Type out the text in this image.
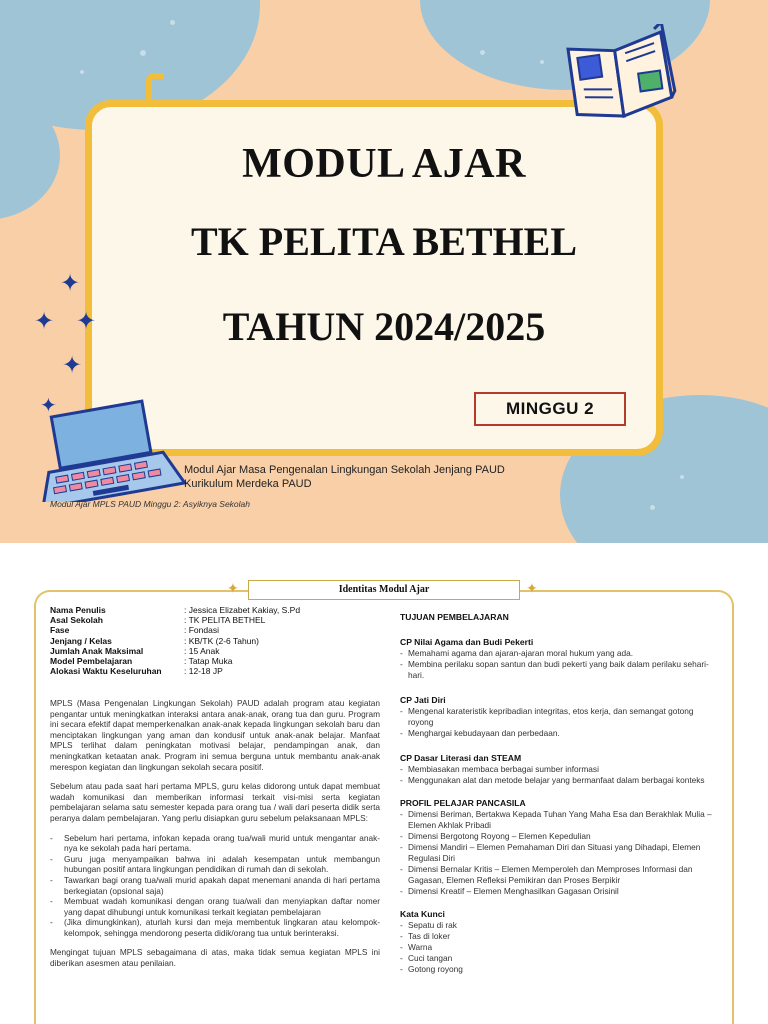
✦
✦ ✦
✦
✦
MODUL AJAR
TK PELITA BETHEL
TAHUN 2024/2025
MINGGU 2
Modul Ajar Masa Pengenalan Lingkungan Sekolah Jenjang PAUD
Kurikulum Merdeka PAUD
Modul Ajar MPLS PAUD Minggu 2: Asyiknya Sekolah
✦	Identitas Modul Ajar	✦
Nama Penulis	: Jessica Elizabet Kakiay, S.Pd
Asal Sekolah	: TK PELITA BETHEL
Fase	: Fondasi
Jenjang / Kelas	: KB/TK (2-6 Tahun)
Jumlah Anak Maksimal	: 15 Anak
Model Pembelajaran	: Tatap Muka
Alokasi Waktu Keseluruhan	: 12-18 JP

MPLS (Masa Pengenalan Lingkungan Sekolah) PAUD adalah program atau kegiatan pengantar untuk meningkatkan interaksi antara anak-anak, orang tua dan guru. Program ini secara efektif dapat memperkenalkan anak-anak kepada lingkungan sekolah baru dan menciptakan lingkungan yang aman dan kondusif untuk anak-anak belajar. Manfaat MPLS terlihat dalam peningkatan motivasi belajar, pendampingan anak, dan meningkatkan ketaatan anak. Program ini semua berguna untuk membantu anak-anak merespon kegiatan dan lingkungan sekolah secara positif.

Sebelum atau pada saat hari pertama MPLS, guru kelas didorong untuk dapat membuat wadah komunikasi dan memberikan informasi terkait visi-misi serta kegiatan pembelajaran selama satu semester kepada para orang tua / wali dari peserta didik serta peranya dalam pembelajaran. Yang perlu disiapkan guru sebelum pelaksanaan MPLS:

- Sebelum hari pertama, infokan kepada orang tua/wali murid untuk mengantar anak-nya ke sekolah pada hari pertama.
- Guru juga menyampaikan bahwa ini adalah kesempatan untuk membangun hubungan positif antara lingkungan pendidikan di rumah dan di sekolah.
- Tawarkan bagi orang tua/wali murid apakah dapat menemani ananda di hari pertama berkegiatan (opsional saja)
- Membuat wadah komunikasi dengan orang tua/wali dan menyiapkan daftar nomer yang dapat dihubungi untuk komunikasi terkait kegiatan pembelajaran
- (Jika dimungkinkan), aturlah kursi dan meja membentuk lingkaran atau kelompok-kelompok, sehingga mendorong peserta didik/orang tua untuk berinteraksi.

Mengingat tujuan MPLS sebagaimana di atas, maka tidak semua kegiatan MPLS ini diberikan asesmen atau penilaian.

TUJUAN PEMBELAJARAN
CP Nilai Agama dan Budi Pekerti
- Memahami agama dan ajaran-ajaran moral hukum yang ada.
- Membina perilaku sopan santun dan budi pekerti yang baik dalam perilaku sehari-hari.
CP Jati Diri
- Mengenal karateristik kepribadian integritas, etos kerja, dan semangat gotong royong
- Menghargai kebudayaan dan perbedaan.
CP Dasar Literasi dan STEAM
- Membiasakan membaca berbagai sumber informasi
- Menggunakan alat dan metode belajar yang bermanfaat dalam berbagai konteks
PROFIL PELAJAR PANCASILA
- Dimensi Beriman, Bertakwa Kepada Tuhan Yang Maha Esa dan Berakhlak Mulia – Elemen Akhlak Pribadi
- Dimensi Bergotong Royong – Elemen Kepedulian
- Dimensi Mandiri – Elemen Pemahaman Diri dan Situasi yang Dihadapi, Elemen Regulasi Diri
- Dimensi Bernalar Kritis – Elemen Memperoleh dan Memproses Informasi dan Gagasan, Elemen Refleksi Pemikiran dan Proses Berpikir
- Dimensi Kreatif – Elemen Menghasilkan Gagasan Orisinil
Kata Kunci
- Sepatu di rak
- Tas di loker
- Warna
- Cuci tangan
- Gotong royong
